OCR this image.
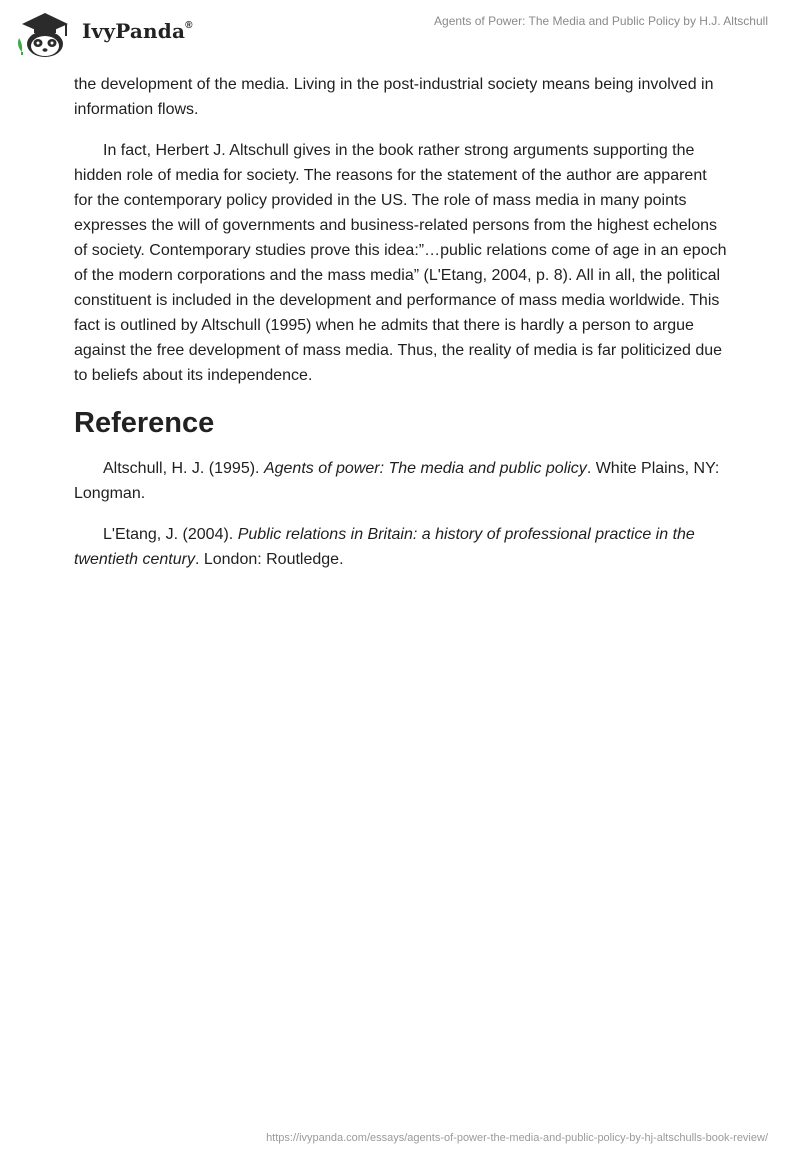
IvyPanda®	Agents of Power: The Media and Public Policy by H.J. Altschull

the development of the media. Living in the post-industrial society means being involved in information flows.

In fact, Herbert J. Altschull gives in the book rather strong arguments supporting the hidden role of media for society. The reasons for the statement of the author are apparent for the contemporary policy provided in the US. The role of mass media in many points expresses the will of governments and business-related persons from the highest echelons of society. Contemporary studies prove this idea:”…public relations come of age in an epoch of the modern corporations and the mass media” (L'Etang, 2004, p. 8). All in all, the political constituent is included in the development and performance of mass media worldwide. This fact is outlined by Altschull (1995) when he admits that there is hardly a person to argue against the free development of mass media. Thus, the reality of media is far politicized due to beliefs about its independence.

Reference

Altschull, H. J. (1995). Agents of power: The media and public policy. White Plains, NY: Longman.

L'Etang, J. (2004). Public relations in Britain: a history of professional practice in the twentieth century. London: Routledge.

https://ivypanda.com/essays/agents-of-power-the-media-and-public-policy-by-hj-altschulls-book-review/
